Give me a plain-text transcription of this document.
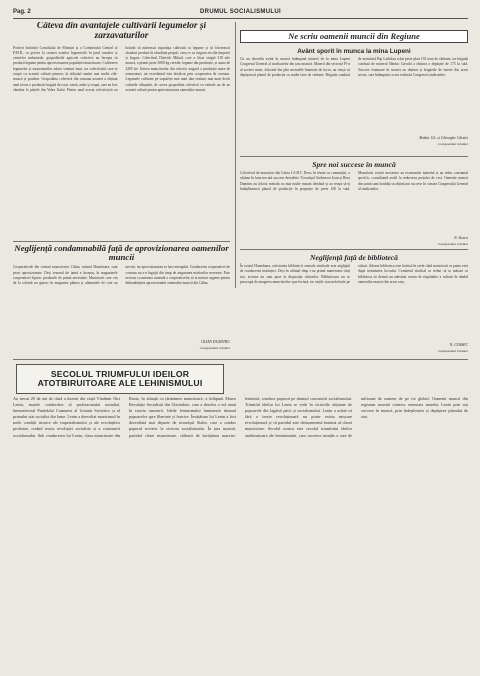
Pag. 2	DRUMUL SOCIALISMULUI

Câteva din avantajele cultivării legumelor și zarzavaturilor

Potrivit hotărârii Consiliului de Miniștri și a Comitetului Central al P.M.R., cu privire la crearea zonelor legumicole în jurul orașelor și centrelor industriale, gospodăriile agricole colective au început să producă legume pentru aprovizionarea populației muncitoare. Cultivarea legumelor și zarzavaturilor aduce venituri mari, iar colectiviștii care se ocupă cu această cultură primesc la sfârșitul anului mai multe zile-muncă și produse. Gospodăria colectivă din comuna noastră a obținut anul trecut o producție bogată de roșii, varză, ardei și ceapă, care au fost vândute la piețele din Valea Jiului. Pentru anul acesta colectiviștii au hotărât să mărească suprafața cultivată cu legume și să folosească răsaduri produse în răsadnițe proprii, ceea ce va asigura recolte timpurii și bogate. Colectivul Dietrich Mihail, care a făcut sirigul 318 zile muncă, a primit peste 3000 kg cereale, legume din producție, și suma de 2385 lei. Unirea muncitorilor din colectiv asigură o producție mare de zarzavaturi, iar excedentul este desfăcut prin cooperativa de consum. Legumele cultivate pe suprafețe mai mari dau venituri mai mari decât culturile obișnuite, de aceea gospodăria colectivă va extinde an de an această cultură pentru aprovizionarea oamenilor muncii.

Ne scriu oamenii muncii din Regiune

Avânt sporit în munca la mina Lupeni

Cu un deosebit avânt în muncă întâmpină minerii de la mina Lupeni Congresul General al sindicatelor din țara noastră. Minerii din sectorul IV-a al acestei mine, folosind din plin metodele înaintate de lucru, au reușit să depășească planul de producție cu multe tone de cărbune. Brigada condusă de utemistul Pap Ladislau a dat peste plan 135 tone de cărbune, iar brigada condusă de minerul Haiduc Gavrilă a obținut o depășire de 175 la sută. Succese frumoase în muncă au obținut și brigăzile de tineret din acest sector, care întâmpină cu noi realizări Congresul sindicatelor.

Rednic Gh. și Gheorghe Cârstei

corespondent voluntar

Spre noi succese în muncă

Colectivul de muncitori din Uzina I.A.R.T. Deva, în frunte cu comuniștii, a obținut în luna trecută succese deosebite. Tovarășul Andreescu Ioan și Bora Dumitru au folosit metoda cu mai multe mașini deodată și au reușit să-și îndeplinească planul de producție în proporție de peste 160 la sută. Muncitorii secției mecanice au economisit material și au redus consumul specific, contribuind astfel la reducerea prețului de cost. Oamenii muncii din uzină sunt hotărâți să obțină noi succese în cinstea Congresului General al sindicatelor.

N. Stoica

corespondent voluntar

Neglijență față de bibliotecă

În orașul Hunedoara, activitatea bibliotecii centrale sindicale este neglijată de conducerea instituției. Deși în ultimul timp s-au primit numeroase cărți noi, acestea nu sunt puse la dispoziția cititorilor. Bibliotecara nu se preocupă de atragerea muncitorilor spre lectură, iar cărțile stau nefolosite pe rafturi. Adesea biblioteca este închisă în orele când muncitorii ar putea veni după terminarea lucrului. Comitetul sindical ar trebui să ia măsuri ca biblioteca să devină un adevărat centru de răspândire a culturii în rândul oamenilor muncii din acest oraș.

N. COSSEC

corespondent voluntar

Neglijență condamnabilă față de aprovizionarea oamenilor muncii

Cooperativele din centrul muncitoresc Călan, raionul Hunedoara, sunt prost aprovizionate. Deși sezonul de iarnă a început, în magazinele cooperativei lipsesc produsele de primă necesitate. Muncitorii care vin de la schimb nu găsesc în magazine pâinea și alimentele de care au nevoie, iar aprovizionarea se face neregulat. Conducerea cooperativei de consum nu s-a îngrijit din timp de asigurarea mărfurilor necesare. Este necesar ca uniunea raională a cooperativelor să ia măsuri urgente pentru îmbunătățirea aprovizionării oamenilor muncii din Călan.

OLIAN DUMITRU

corespondent voluntar

SECOLUL TRIUMFULUI IDEILOR ATOTBIRUITOARE ALE LEHINISMULUI

Au trecut 29 de ani de când a încetat din viață Vladimir Ilici Lenin, marele conducător al proletariatului mondial, întemeietorul Partidului Comunist al Uniunii Sovietice și al primului stat socialist din lume. Lenin a dezvoltat marxismul în noile condiții istorice ale imperialismului și ale revoluțiilor proletare, creând teoria revoluției socialiste și a construirii socialismului. Sub conducerea lui Lenin, clasa muncitoare din Rusia, în alianță cu țărănimea muncitoare, a înfăptuit Marea Revoluție Socialistă din Octombrie, care a deschis o eră nouă în istoria omenirii. Ideile leninismului luminează drumul popoarelor spre libertate și fericire. Învățătura lui Lenin a fost dezvoltată mai departe de tovarășul Stalin, care a condus poporul sovietic la victoria socialismului. În țara noastră, partidul clasei muncitoare, călăuzit de învățătura marxist-leninistă, conduce poporul pe drumul construirii socialismului. Triumful ideilor lui Lenin se vede în victoriile obținute de popoarele din lagărul păcii și socialismului. Lenin a arătat că fără o teorie revoluționară nu poate exista mișcare revoluționară și că partidul este detașamentul înaintat al clasei muncitoare. Secolul nostru este secolul triumfului ideilor atotbiruitoare ale leninismului, care cuceresc mințile a sute de milioane de oameni de pe tot globul. Oamenii muncii din regiunea noastră cinstesc memoria marelui Lenin prin noi succese în muncă, prin îndeplinirea și depășirea planului de stat.
